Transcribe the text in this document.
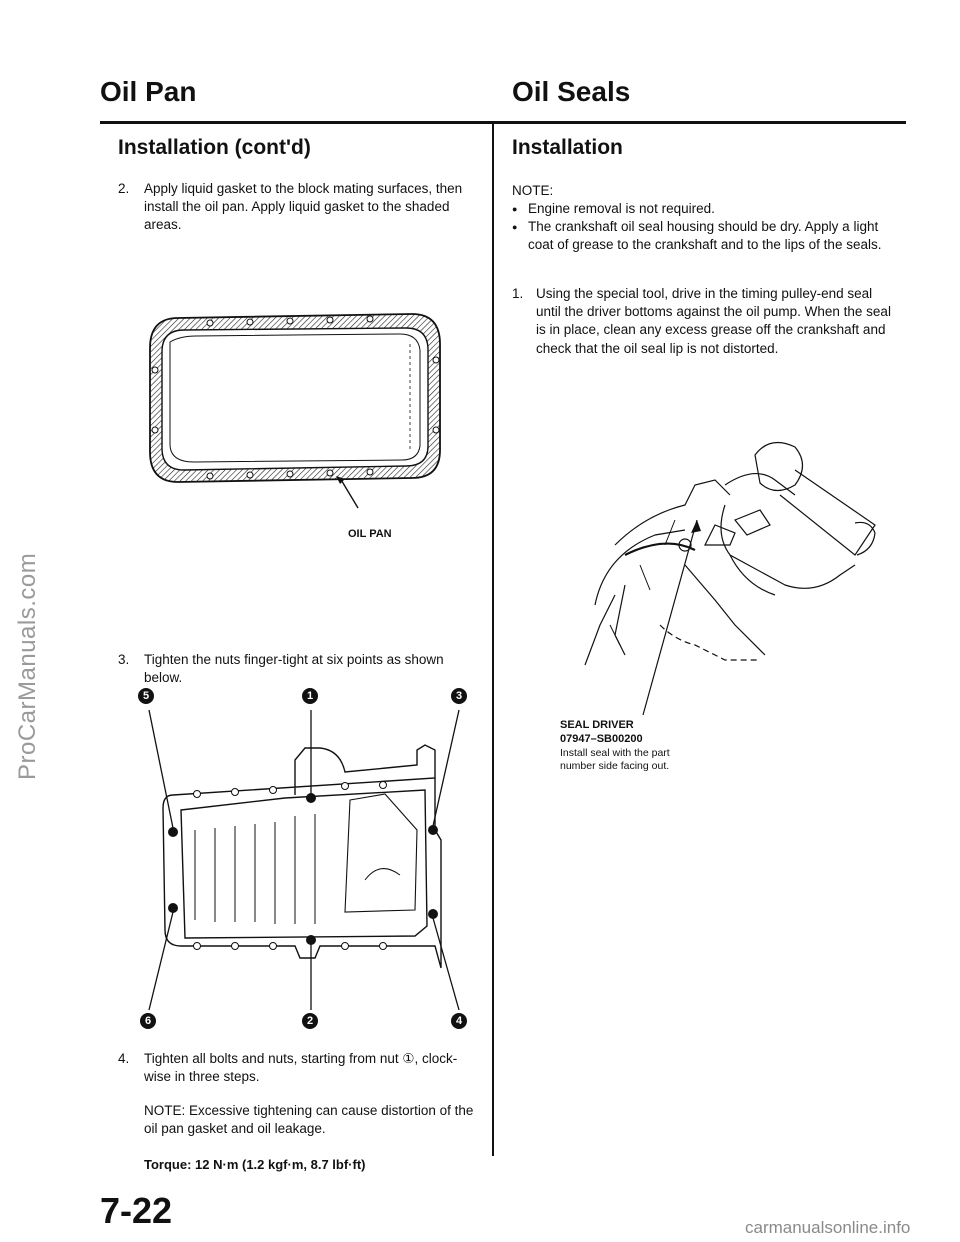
ProCarManuals.com
Oil Pan	Oil Seals
Installation (cont'd)	Installation
2. Apply liquid gasket to the block mating surfaces, then install the oil pan. Apply liquid gasket to the shaded areas.
OIL PAN
3. Tighten the nuts finger-tight at six points as shown below.
5	1	3
6	2	4
4. Tighten all bolts and nuts, starting from nut ①, clock-wise in three steps.
NOTE: Excessive tightening can cause distortion of the oil pan gasket and oil leakage.
Torque: 12 N·m (1.2 kgf·m, 8.7 lbf·ft)
7-22	carmanualsonline.info
NOTE:
● Engine removal is not required.
● The crankshaft oil seal housing should be dry. Apply a light coat of grease to the crankshaft and to the lips of the seals.
1. Using the special tool, drive in the timing pulley-end seal until the driver bottoms against the oil pump. When the seal is in place, clean any excess grease off the crankshaft and check that the oil seal lip is not distorted.
SEAL DRIVER
07947–SB00200
Install seal with the part number side facing out.
